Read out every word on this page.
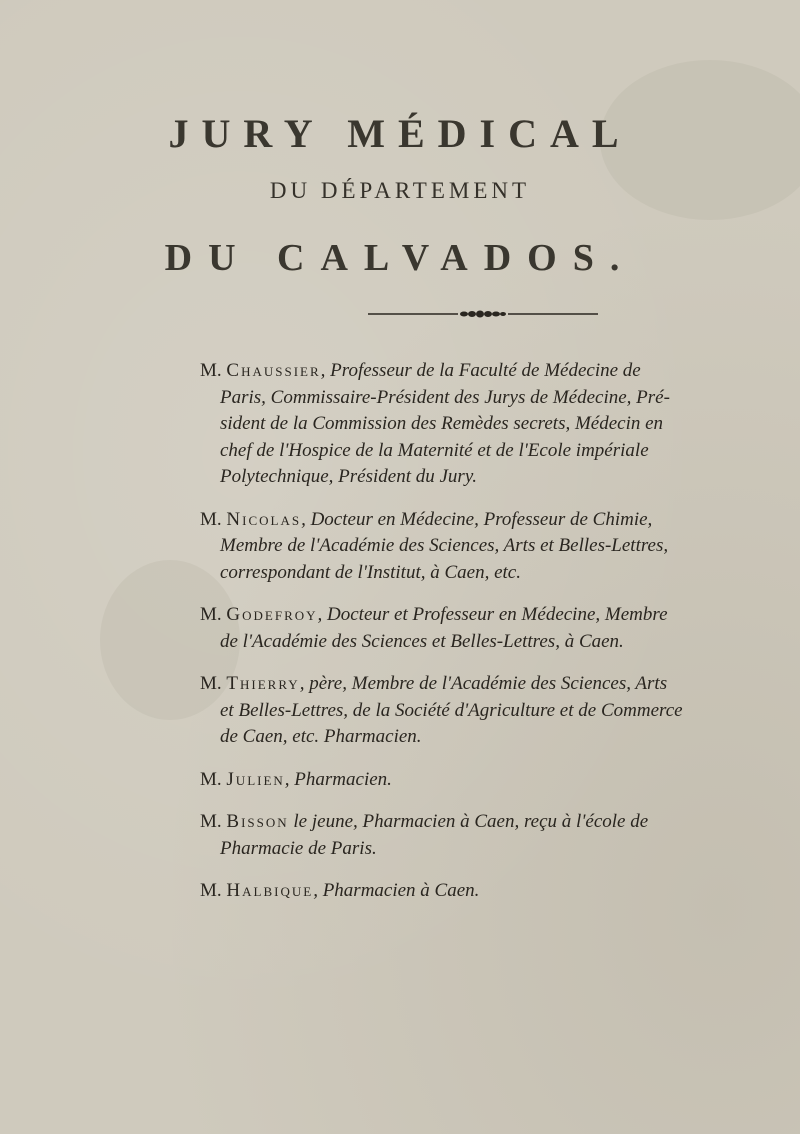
JURY MÉDICAL
DU DÉPARTEMENT
DU CALVADOS.
M. Chaussier, Professeur de la Faculté de Médecine de
Paris, Commissaire-Président des Jurys de Médecine, Pré-
sident de la Commission des Remèdes secrets, Médecin en
chef de l'Hospice de la Maternité et de l'Ecole impériale
Polytechnique, Président du Jury.
M. Nicolas, Docteur en Médecine, Professeur de Chimie,
Membre de l'Académie des Sciences, Arts et Belles-Lettres,
correspondant de l'Institut, à Caen, etc.
M. Godefroy, Docteur et Professeur en Médecine, Membre
de l'Académie des Sciences et Belles-Lettres, à Caen.
M. Thierry, père, Membre de l'Académie des Sciences, Arts
et Belles-Lettres, de la Société d'Agriculture et de Commerce
de Caen, etc. Pharmacien.
M. Julien, Pharmacien.
M. Bisson le jeune, Pharmacien à Caen, reçu à l'école de
Pharmacie de Paris.
M. Halbique, Pharmacien à Caen.
